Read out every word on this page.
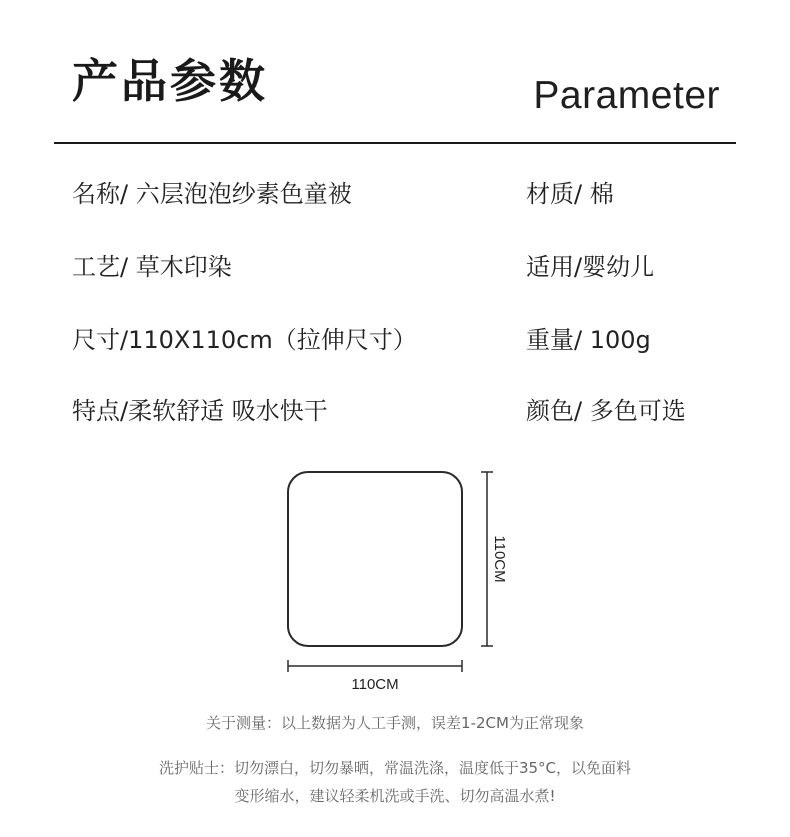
产品参数	Parameter
名称/ 六层泡泡纱素色童被	材质/ 棉
工艺/ 草木印染	适用/婴幼儿
尺寸/110X110cm（拉伸尺寸）	重量/ 100g
特点/柔软舒适 吸水快干	颜色/ 多色可选
110CM
110CM
关于测量：以上数据为人工手测，误差1-2CM为正常现象
洗护贴士：切勿漂白，切勿暴晒，常温洗涤，温度低于35°C，以免面料
变形缩水，建议轻柔机洗或手洗、切勿高温水煮!
